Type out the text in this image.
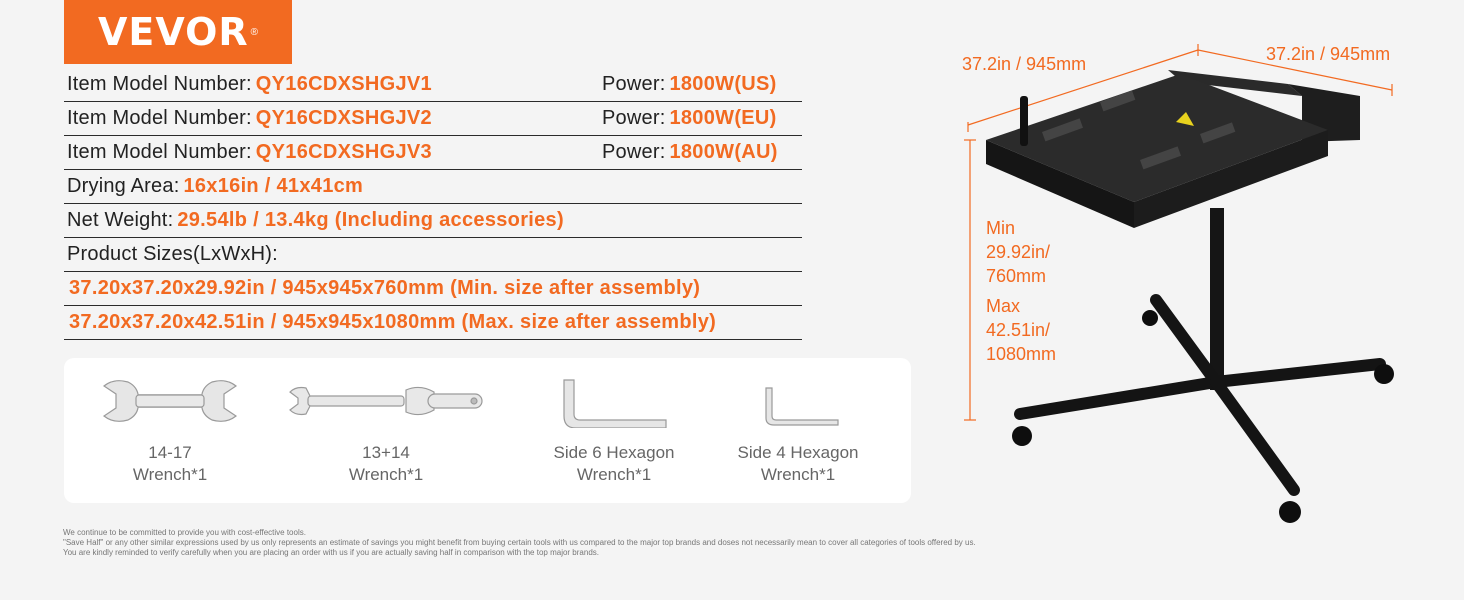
VEVOR ®
Item Model Number: QY16CDXSHGJV1	Power: 1800W(US)
Item Model Number: QY16CDXSHGJV2	Power: 1800W(EU)
Item Model Number: QY16CDXSHGJV3	Power: 1800W(AU)
Drying Area: 16x16in / 41x41cm
Net Weight: 29.54lb / 13.4kg (Including accessories)
Product Sizes(LxWxH):
37.20x37.20x29.92in / 945x945x760mm (Min. size after assembly)
37.20x37.20x42.51in / 945x945x1080mm (Max. size after assembly)
14-17
Wrench*1
13+14
Wrench*1
Side 6 Hexagon
Wrench*1
Side 4 Hexagon
Wrench*1
We continue to be committed to provide you with cost-effective tools.
"Save Half" or any other similar expressions used by us only represents an estimate of savings you might benefit from buying certain tools with us compared to the major top brands and doses not necessarily mean to cover all categories of tools offered by us.
You are kindly reminded to verify carefully when you are placing an order with us if you are actually saving half in comparison with the top major brands.
37.2in / 945mm	37.2in / 945mm
Min
29.92in/
760mm
Max
42.51in/
1080mm
